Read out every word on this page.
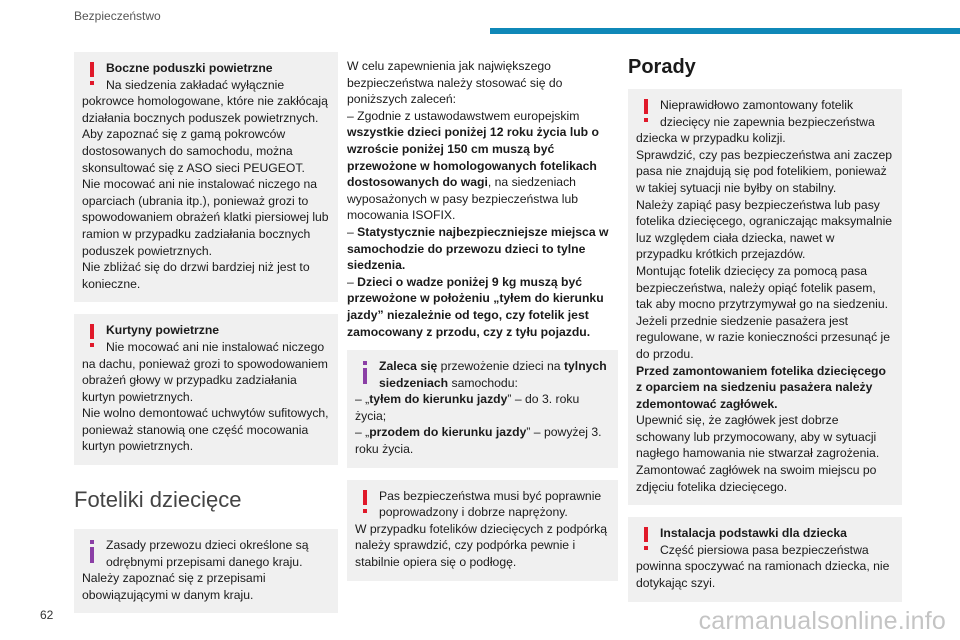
Bezpieczeństwo
Boczne poduszki powietrzne
Na siedzenia zakładać wyłącznie pokrowce homologowane, które nie zakłócają działania bocznych poduszek powietrznych. Aby zapoznać się z gamą pokrowców dostosowanych do samochodu, można skonsultować się z ASO sieci PEUGEOT.
Nie mocować ani nie instalować niczego na oparciach (ubrania itp.), ponieważ grozi to spowodowaniem obrażeń klatki piersiowej lub ramion w przypadku zadziałania bocznych poduszek powietrznych.
Nie zbliżać się do drzwi bardziej niż jest to konieczne.
Kurtyny powietrzne
Nie mocować ani nie instalować niczego na dachu, ponieważ grozi to spowodowaniem obrażeń głowy w przypadku zadziałania kurtyn powietrznych.
Nie wolno demontować uchwytów sufitowych, ponieważ stanowią one część mocowania kurtyn powietrznych.
Foteliki dziecięce
Zasady przewozu dzieci określone są odrębnymi przepisami danego kraju.
Należy zapoznać się z przepisami obowiązującymi w danym kraju.
W celu zapewnienia jak największego bezpieczeństwa należy stosować się do poniższych zaleceń:
– Zgodnie z ustawodawstwem europejskim wszystkie dzieci poniżej 12 roku życia lub o wzroście poniżej 150 cm muszą być przewożone w homologowanych fotelikach dostosowanych do wagi, na siedzeniach wyposażonych w pasy bezpieczeństwa lub mocowania ISOFIX.
– Statystycznie najbezpieczniejsze miejsca w samochodzie do przewozu dzieci to tylne siedzenia.
– Dzieci o wadze poniżej 9 kg muszą być przewożone w położeniu „tyłem do kierunku jazdy” niezależnie od tego, czy fotelik jest zamocowany z przodu, czy z tyłu pojazdu.
Zaleca się przewożenie dzieci na tylnych siedzeniach samochodu:
– „tyłem do kierunku jazdy” – do 3. roku życia;
– „przodem do kierunku jazdy” – powyżej 3. roku życia.
Pas bezpieczeństwa musi być poprawnie poprowadzony i dobrze naprężony.
W przypadku fotelików dziecięcych z podpórką należy sprawdzić, czy podpórka pewnie i stabilnie opiera się o podłogę.
Porady
Nieprawidłowo zamontowany fotelik dziecięcy nie zapewnia bezpieczeństwa dziecka w przypadku kolizji.
Sprawdzić, czy pas bezpieczeństwa ani zaczep pasa nie znajdują się pod fotelikiem, ponieważ w takiej sytuacji nie byłby on stabilny.
Należy zapiąć pasy bezpieczeństwa lub pasy fotelika dziecięcego, ograniczając maksymalnie luz względem ciała dziecka, nawet w przypadku krótkich przejazdów.
Montując fotelik dziecięcy za pomocą pasa bezpieczeństwa, należy opiąć fotelik pasem, tak aby mocno przytrzymywał go na siedzeniu. Jeżeli przednie siedzenie pasażera jest regulowane, w razie konieczności przesunąć je do przodu.
Przed zamontowaniem fotelika dziecięcego z oparciem na siedzeniu pasażera należy zdemontować zagłówek.
Upewnić się, że zagłówek jest dobrze schowany lub przymocowany, aby w sytuacji nagłego hamowania nie stwarzał zagrożenia. Zamontować zagłówek na swoim miejscu po zdjęciu fotelika dziecięcego.
Instalacja podstawki dla dziecka
Część piersiowa pasa bezpieczeństwa powinna spoczywać na ramionach dziecka, nie dotykając szyi.
62	carmanualsonline.info
